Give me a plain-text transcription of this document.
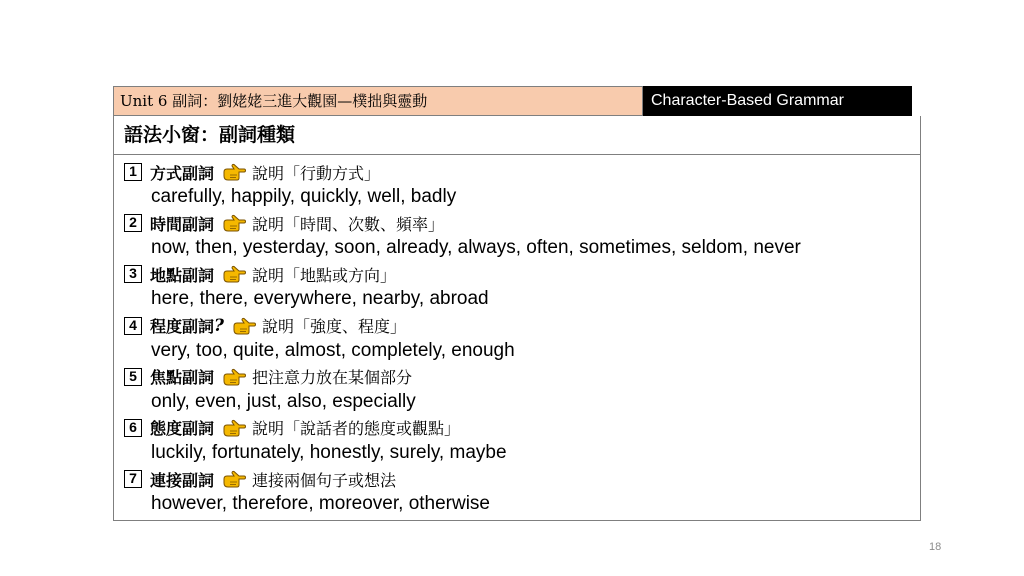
Unit 6 副詞：劉姥姥三進大觀園—樸拙與靈動	Character-Based Grammar
語法小窗：副詞種類
1 方式副詞 說明「行動方式」
carefully, happily, quickly, well, badly
2 時間副詞 說明「時間、次數、頻率」
now, then, yesterday, soon, already, always, often, sometimes, seldom, never
3 地點副詞 說明「地點或方向」
here, there, everywhere, nearby, abroad
4 程度副詞 ? 說明「強度、程度」
very, too, quite, almost, completely, enough
5 焦點副詞 把注意力放在某個部分
only, even, just, also, especially
6 態度副詞 說明「說話者的態度或觀點」
luckily, fortunately, honestly, surely, maybe
7 連接副詞 連接兩個句子或想法
however, therefore, moreover, otherwise
18
